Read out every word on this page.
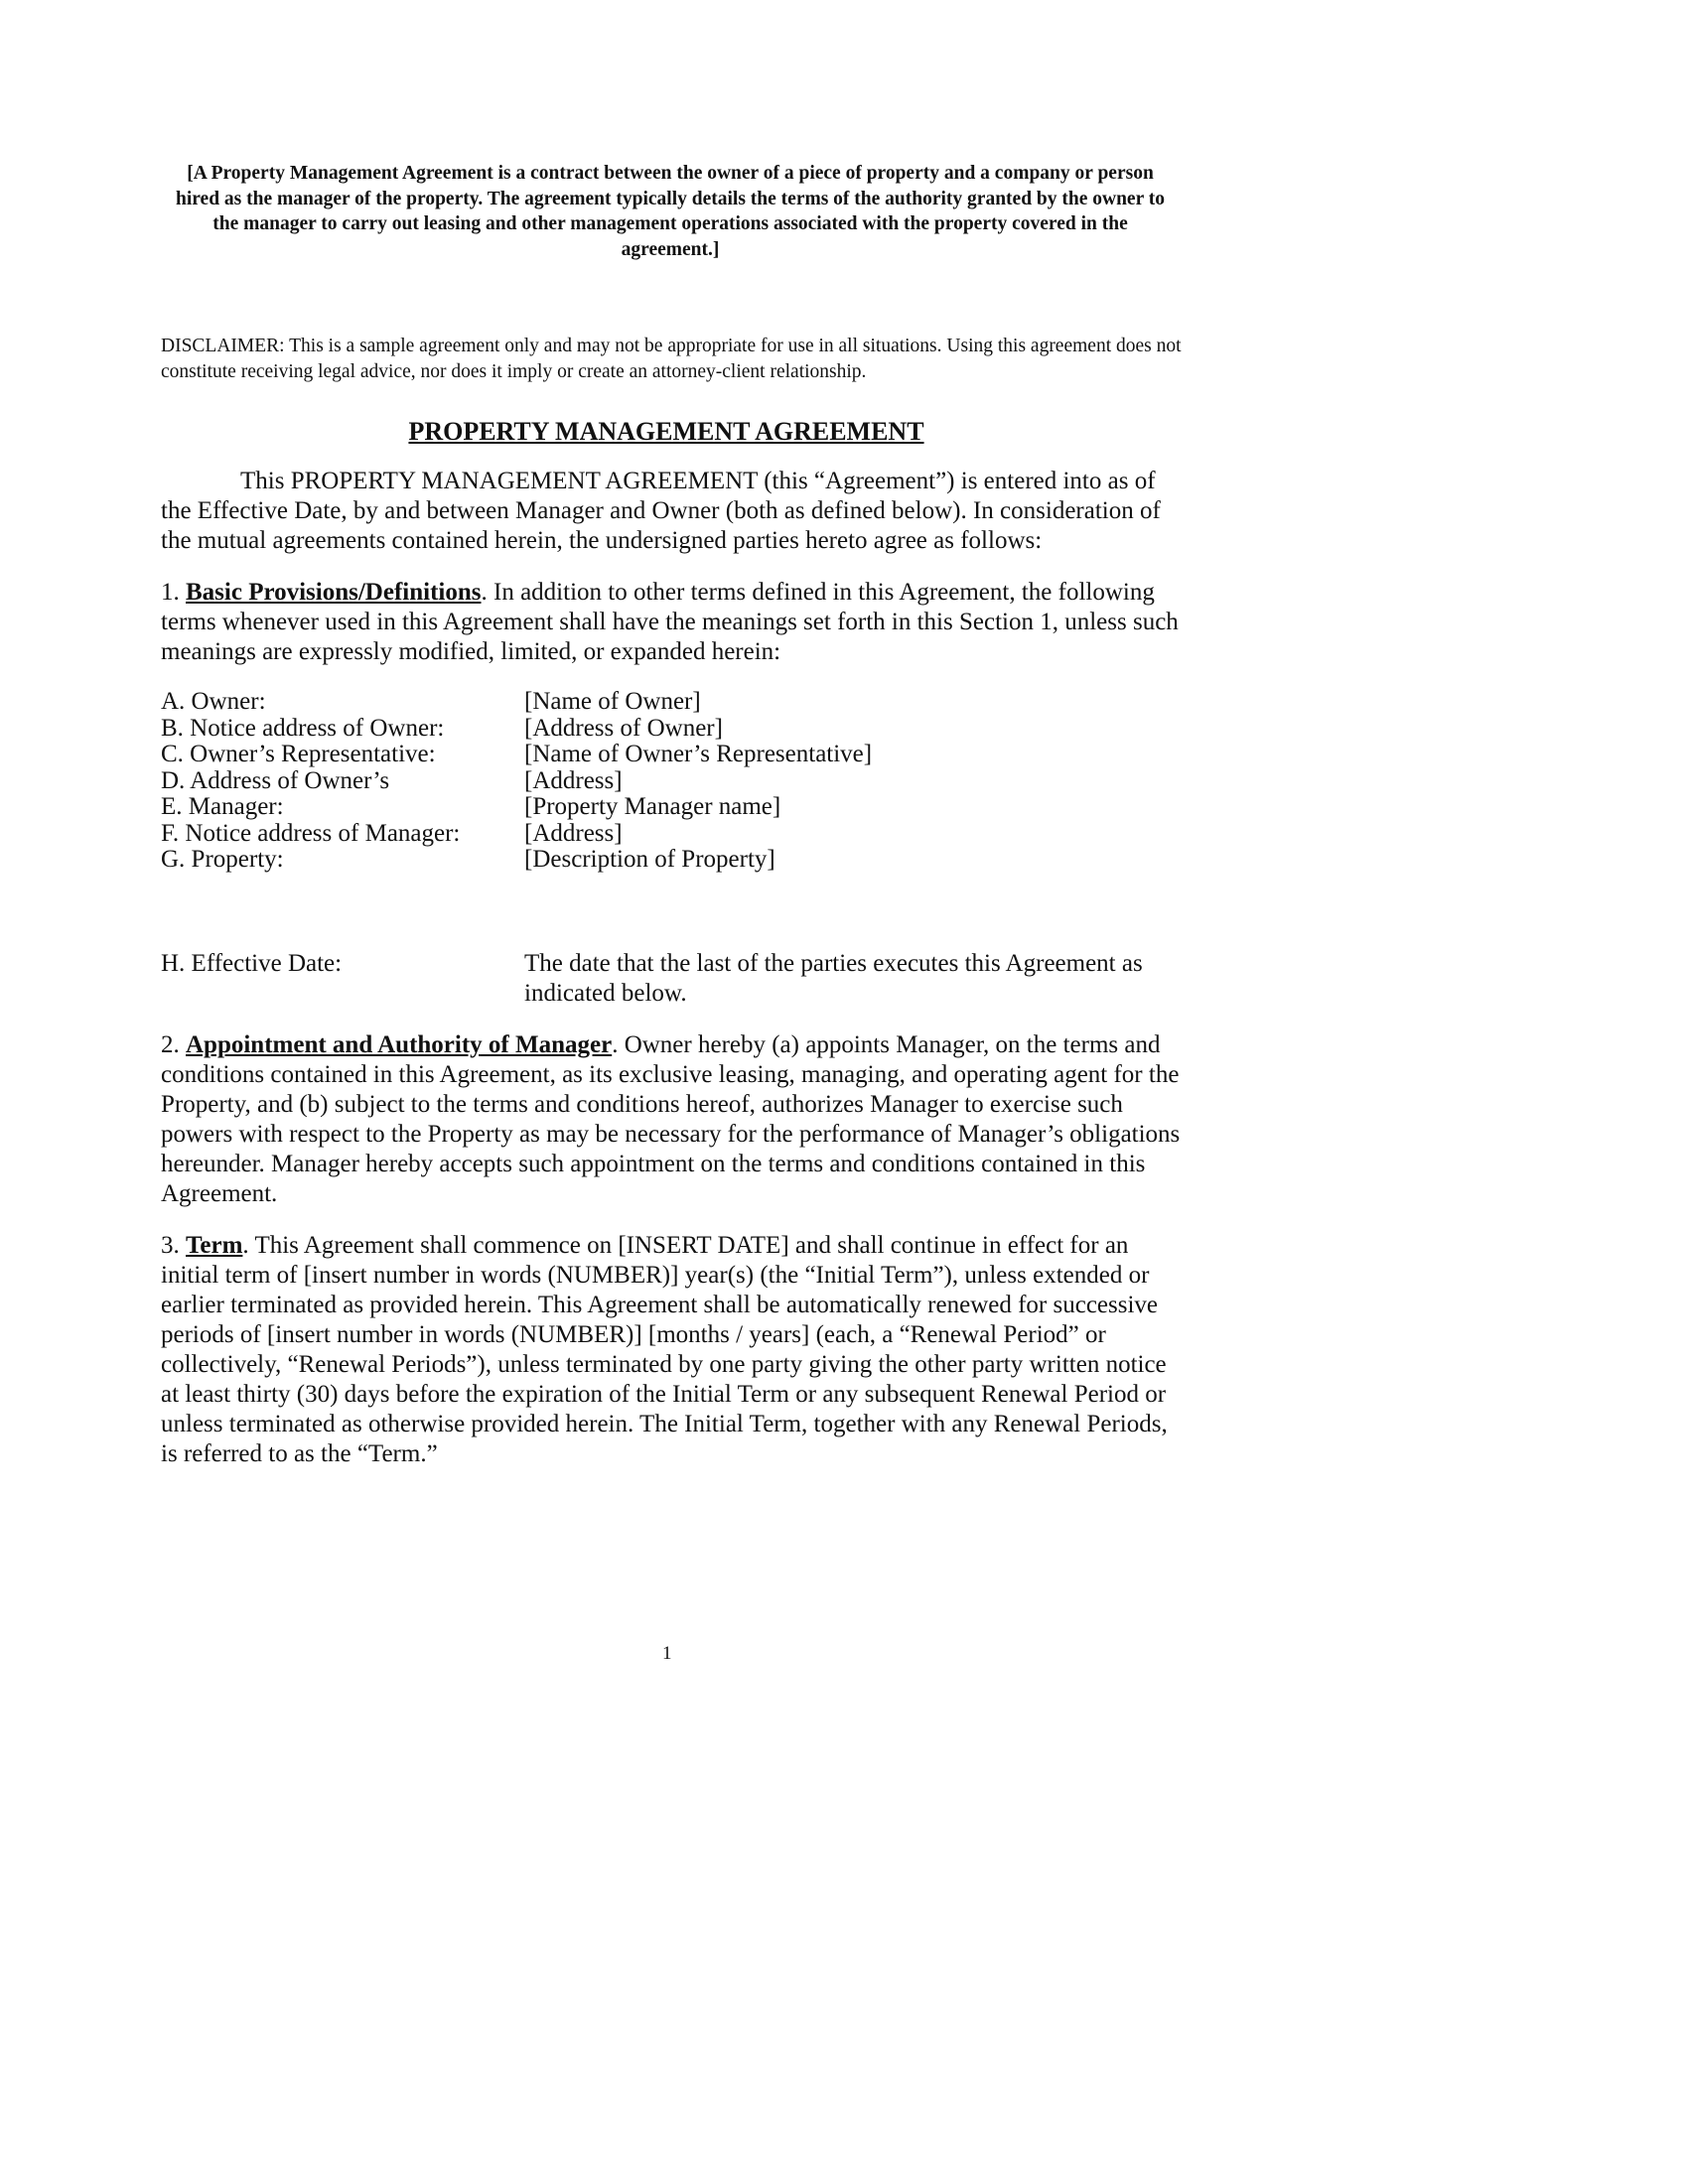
[A Property Management Agreement is a contract between the owner of a piece of property and a company or person hired as the manager of the property. The agreement typically details the terms of the authority granted by the owner to the manager to carry out leasing and other management operations associated with the property covered in the agreement.]
DISCLAIMER: This is a sample agreement only and may not be appropriate for use in all situations. Using this agreement does not constitute receiving legal advice, nor does it imply or create an attorney-client relationship.
PROPERTY MANAGEMENT AGREEMENT

This PROPERTY MANAGEMENT AGREEMENT (this “Agreement”) is entered into as of the Effective Date, by and between Manager and Owner (both as defined below). In consideration of the mutual agreements contained herein, the undersigned parties hereto agree as follows:

1. Basic Provisions/Definitions. In addition to other terms defined in this Agreement, the following terms whenever used in this Agreement shall have the meanings set forth in this Section 1, unless such meanings are expressly modified, limited, or expanded herein:

A. Owner:	[Name of Owner]
B. Notice address of Owner:	[Address of Owner]
C. Owner’s Representative:	[Name of Owner’s Representative]
D. Address of Owner’s	[Address]
E. Manager:	[Property Manager name]
F. Notice address of Manager:	[Address]
G. Property:	[Description of Property]
H. Effective Date:	The date that the last of the parties executes this Agreement as indicated below.

2. Appointment and Authority of Manager. Owner hereby (a) appoints Manager, on the terms and conditions contained in this Agreement, as its exclusive leasing, managing, and operating agent for the Property, and (b) subject to the terms and conditions hereof, authorizes Manager to exercise such powers with respect to the Property as may be necessary for the performance of Manager’s obligations hereunder. Manager hereby accepts such appointment on the terms and conditions contained in this Agreement.

3. Term. This Agreement shall commence on [INSERT DATE] and shall continue in effect for an initial term of [insert number in words (NUMBER)] year(s) (the “Initial Term”), unless extended or earlier terminated as provided herein. This Agreement shall be automatically renewed for successive periods of [insert number in words (NUMBER)] [months / years] (each, a “Renewal Period” or collectively, “Renewal Periods”), unless terminated by one party giving the other party written notice at least thirty (30) days before the expiration of the Initial Term or any subsequent Renewal Period or unless terminated as otherwise provided herein. The Initial Term, together with any Renewal Periods, is referred to as the “Term.”

1
